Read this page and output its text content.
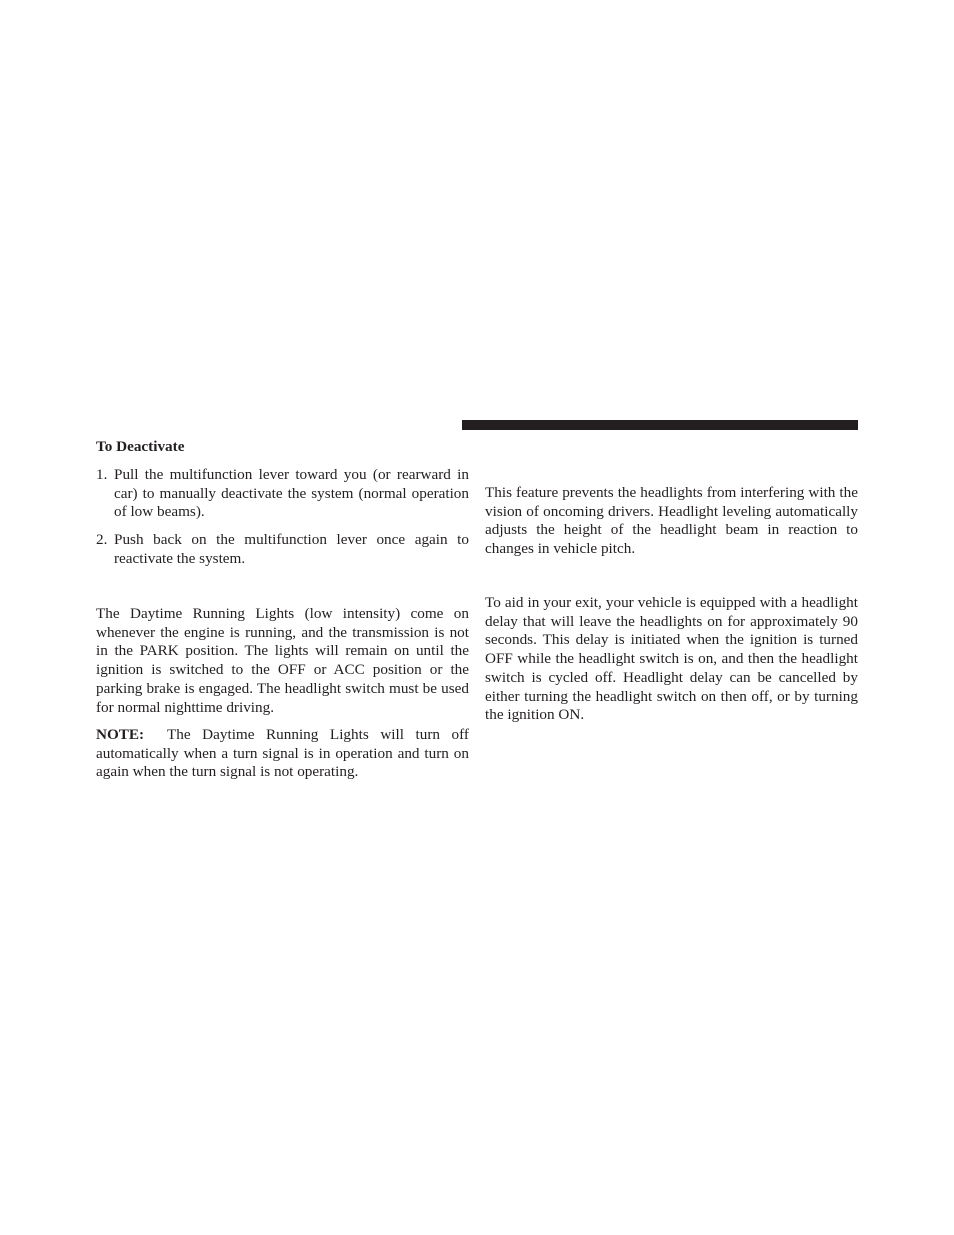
To Deactivate

1. Pull the multifunction lever toward you (or rearward in car) to manually deactivate the system (normal operation of low beams).
2. Push back on the multifunction lever once again to reactivate the system.

The Daytime Running Lights (low intensity) come on whenever the engine is running, and the transmission is not in the PARK position. The lights will remain on until the ignition is switched to the OFF or ACC position or the parking brake is engaged. The headlight switch must be used for normal nighttime driving.

NOTE: The Daytime Running Lights will turn off automatically when a turn signal is in operation and turn on again when the turn signal is not operating.

This feature prevents the headlights from interfering with the vision of oncoming drivers. Headlight leveling automatically adjusts the height of the headlight beam in reaction to changes in vehicle pitch.

To aid in your exit, your vehicle is equipped with a headlight delay that will leave the headlights on for approximately 90 seconds. This delay is initiated when the ignition is turned OFF while the headlight switch is on, and then the headlight switch is cycled off. Headlight delay can be cancelled by either turning the headlight switch on then off, or by turning the ignition ON.
